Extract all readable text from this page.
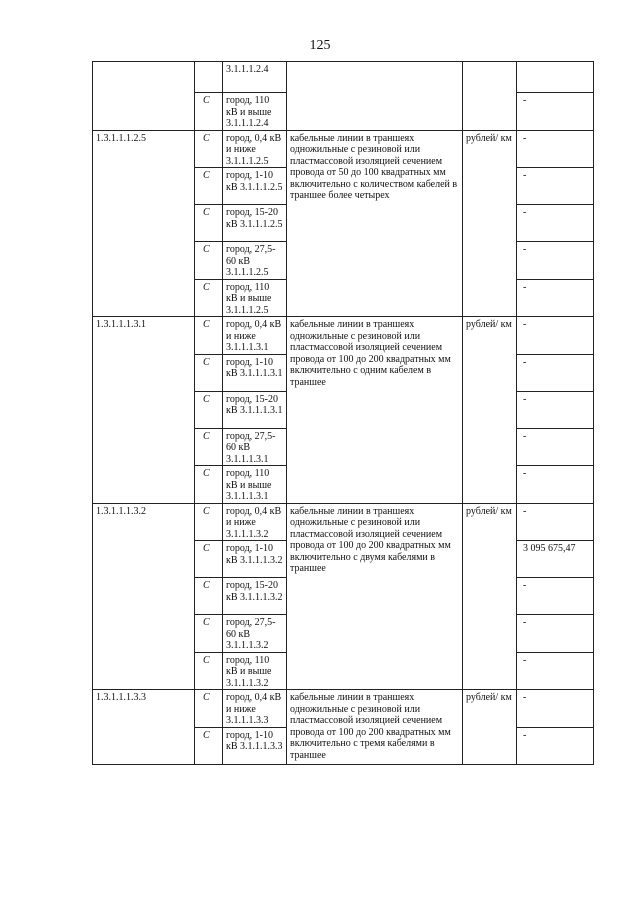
125
		3.1.1.1.2.4			
	С	город, 110 кВ и выше 3.1.1.1.2.4			-
1.3.1.1.1.2.5	С	город, 0,4 кВ и ниже 3.1.1.1.2.5	кабельные линии в траншеях одножильные с резиновой или пластмассовой изоляцией сечением провода от 50 до 100 квадратных мм включительно с количеством кабелей в траншее более четырех	рублей/ км	-
	С	город, 1-10 кВ 3.1.1.1.2.5			-
	С	город, 15-20 кВ 3.1.1.1.2.5			-
	С	город, 27,5-60 кВ 3.1.1.1.2.5			-
	С	город, 110 кВ и выше 3.1.1.1.2.5			-
1.3.1.1.1.3.1	С	город, 0,4 кВ и ниже 3.1.1.1.3.1	кабельные линии в траншеях одножильные с резиновой или пластмассовой изоляцией сечением провода от 100 до 200 квадратных мм включительно с одним кабелем в траншее	рублей/ км	-
	С	город, 1-10 кВ 3.1.1.1.3.1			-
	С	город, 15-20 кВ 3.1.1.1.3.1			-
	С	город, 27,5-60 кВ 3.1.1.1.3.1			-
	С	город, 110 кВ и выше 3.1.1.1.3.1			-
1.3.1.1.1.3.2	С	город, 0,4 кВ и ниже 3.1.1.1.3.2	кабельные линии в траншеях одножильные с резиновой или пластмассовой изоляцией сечением провода от 100 до 200 квадратных мм включительно с двумя кабелями в траншее	рублей/ км	-
	С	город, 1-10 кВ 3.1.1.1.3.2			3 095 675,47
	С	город, 15-20 кВ 3.1.1.1.3.2			-
	С	город, 27,5-60 кВ 3.1.1.1.3.2			-
	С	город, 110 кВ и выше 3.1.1.1.3.2			-
1.3.1.1.1.3.3	С	город, 0,4 кВ и ниже 3.1.1.1.3.3	кабельные линии в траншеях одножильные с резиновой или пластмассовой изоляцией сечением провода от 100 до 200 квадратных мм включительно с тремя кабелями в траншее	рублей/ км	-
	С	город, 1-10 кВ 3.1.1.1.3.3			-
